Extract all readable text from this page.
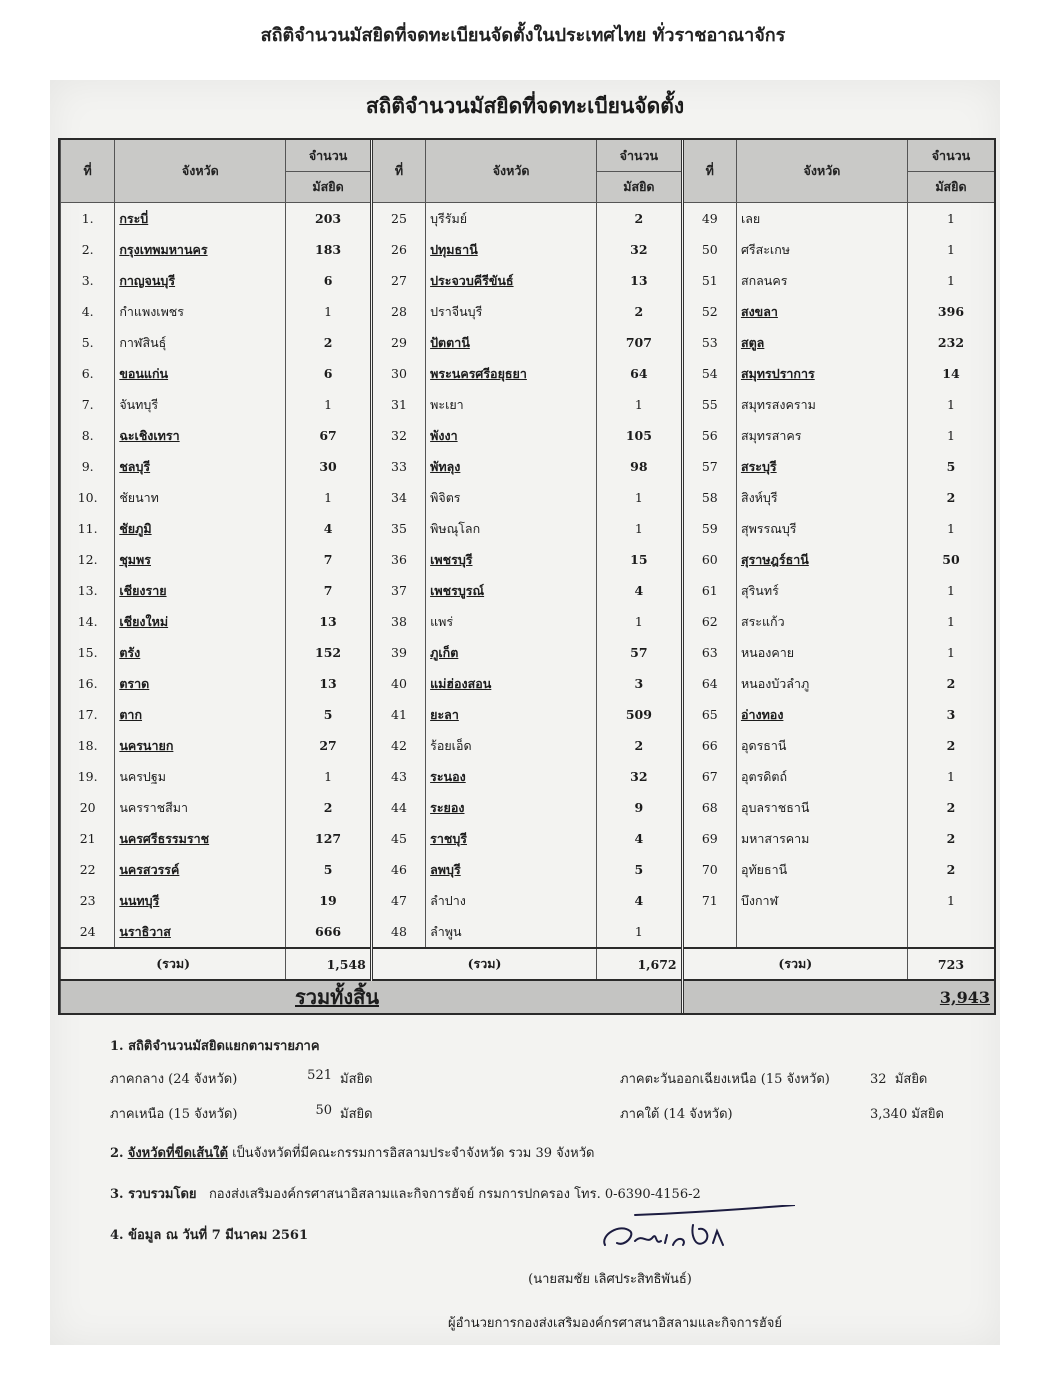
สถิติจำนวนมัสยิดที่จดทะเบียนจัดตั้งในประเทศไทย ทั่วราชอาณาจักร
สถิติจำนวนมัสยิดที่จดทะเบียนจัดตั้ง
ที่	จังหวัด	จำนวน	ที่	จังหวัด	จำนวน	ที่	จังหวัด	จำนวน
		มัสยิด			มัสยิด			มัสยิด
1.	กระบี่	203	25	บุรีรัมย์	2	49	เลย	1
2.	กรุงเทพมหานคร	183	26	ปทุมธานี	32	50	ศรีสะเกษ	1
3.	กาญจนบุรี	6	27	ประจวบคีรีขันธ์	13	51	สกลนคร	1
4.	กำแพงเพชร	1	28	ปราจีนบุรี	2	52	สงขลา	396
5.	กาฬสินธุ์	2	29	ปัตตานี	707	53	สตูล	232
6.	ขอนแก่น	6	30	พระนครศรีอยุธยา	64	54	สมุทรปราการ	14
7.	จันทบุรี	1	31	พะเยา	1	55	สมุทรสงคราม	1
8.	ฉะเชิงเทรา	67	32	พังงา	105	56	สมุทรสาคร	1
9.	ชลบุรี	30	33	พัทลุง	98	57	สระบุรี	5
10.	ชัยนาท	1	34	พิจิตร	1	58	สิงห์บุรี	2
11.	ชัยภูมิ	4	35	พิษณุโลก	1	59	สุพรรณบุรี	1
12.	ชุมพร	7	36	เพชรบุรี	15	60	สุราษฎร์ธานี	50
13.	เชียงราย	7	37	เพชรบูรณ์	4	61	สุรินทร์	1
14.	เชียงใหม่	13	38	แพร่	1	62	สระแก้ว	1
15.	ตรัง	152	39	ภูเก็ต	57	63	หนองคาย	1
16.	ตราด	13	40	แม่ฮ่องสอน	3	64	หนองบัวลำภู	2
17.	ตาก	5	41	ยะลา	509	65	อ่างทอง	3
18.	นครนายก	27	42	ร้อยเอ็ด	2	66	อุดรธานี	2
19.	นครปฐม	1	43	ระนอง	32	67	อุตรดิตถ์	1
20	นครราชสีมา	2	44	ระยอง	9	68	อุบลราชธานี	2
21	นครศรีธรรมราช	127	45	ราชบุรี	4	69	มหาสารคาม	2
22	นครสวรรค์	5	46	ลพบุรี	5	70	อุทัยธานี	2
23	นนทบุรี	19	47	ลำปาง	4	71	บึงกาฬ	1
24	นราธิวาส	666	48	ลำพูน	1			
(รวม)		1,548	(รวม)		1,672	(รวม)		723
รวมทั้งสิ้น						3,943		
1. สถิติจำนวนมัสยิดแยกตามรายภาค
ภาคกลาง (24 จังหวัด)	521 มัสยิด	ภาคตะวันออกเฉียงเหนือ (15 จังหวัด)	32 มัสยิด
ภาคเหนือ (15 จังหวัด)	50 มัสยิด	ภาคใต้ (14 จังหวัด)	3,340 มัสยิด
2. จังหวัดที่ขีดเส้นใต้ เป็นจังหวัดที่มีคณะกรรมการอิสลามประจำจังหวัด รวม 39 จังหวัด
3. รวบรวมโดย กองส่งเสริมองค์กรศาสนาอิสลามและกิจการฮัจย์ กรมการปกครอง โทร. 0-6390-4156-2
4. ข้อมูล ณ วันที่ 7 มีนาคม 2561
(นายสมชัย เลิศประสิทธิพันธ์)
ผู้อำนวยการกองส่งเสริมองค์กรศาสนาอิสลามและกิจการฮัจย์
